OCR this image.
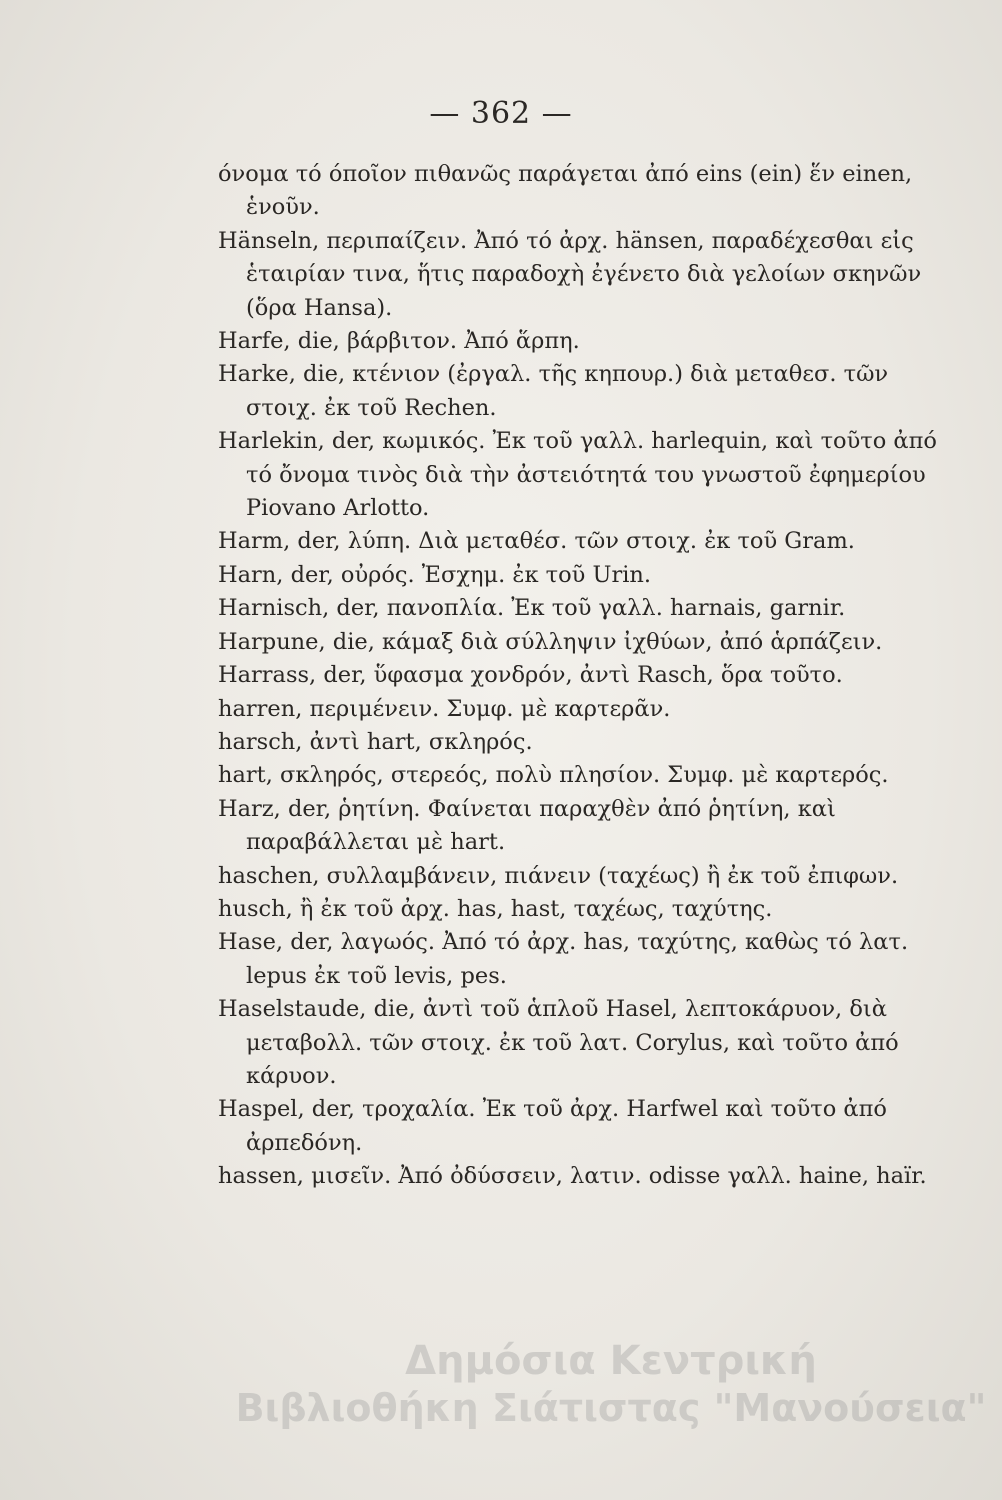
— 362 —

όνομα τό όποῖον πιθανῶς παράγεται ἀπό eins (ein) ἕν einen, ἑνοῦν.

Hänseln, περιπαίζειν. Ἀπό τό ἀρχ. hänsen, παραδέχεσθαι εἰς ἑταιρίαν τινα, ἥτις παραδοχὴ ἐγένετο διὰ γελοίων σκηνῶν (ὅρα Hansa).

Harfe, die, βάρβιτον. Ἀπό ἅρπη.

Harke, die, κτένιον (ἐργαλ. τῆς κηπουρ.) διὰ μεταθεσ. τῶν στοιχ. ἐκ τοῦ Rechen.

Harlekin, der, κωμικός. Ἐκ τοῦ γαλλ. harlequin, καὶ τοῦτο ἀπό τό ὄνομα τινὸς διὰ τὴν ἀστειότητά του γνωστοῦ ἐφημερίου Piovano Arlotto.

Harm, der, λύπη. Διὰ μεταθέσ. τῶν στοιχ. ἐκ τοῦ Gram.

Harn, der, οὐρός. Ἐσχημ. ἐκ τοῦ Urin.

Harnisch, der, πανοπλία. Ἐκ τοῦ γαλλ. harnais, garnir.

Harpune, die, κάμαξ διὰ σύλληψιν ἰχθύων, ἀπό ἁρπάζειν.

Harrass, der, ὕφασμα χονδρόν, ἀντὶ Rasch, ὅρα τοῦτο.

harren, περιμένειν. Συμφ. μὲ καρτερᾶν.

harsch, ἀντὶ hart, σκληρός.

hart, σκληρός, στερεός, πολὺ πλησίον. Συμφ. μὲ καρτερός.

Harz, der, ῥητίνη. Φαίνεται παραχθὲν ἀπό ῥητίνη, καὶ παραβάλλεται μὲ hart.

haschen, συλλαμβάνειν, πιάνειν (ταχέως) ἢ ἐκ τοῦ ἐπιφων.

husch, ἢ ἐκ τοῦ ἀρχ. has, hast, ταχέως, ταχύτης.

Hase, der, λαγωός. Ἀπό τό ἀρχ. has, ταχύτης, καθὼς τό λατ. lepus ἐκ τοῦ levis, pes.

Haselstaude, die, ἀντὶ τοῦ ἁπλοῦ Hasel, λεπτοκάρυον, διὰ μεταβολλ. τῶν στοιχ. ἐκ τοῦ λατ. Corylus, καὶ τοῦτο ἀπό κάρυον.

Haspel, der, τροχαλία. Ἐκ τοῦ ἀρχ. Harfwel καὶ τοῦτο ἀπό ἀρπεδόνη.

hassen, μισεῖν. Ἀπό ὀδύσσειν, λατιν. odisse γαλλ. haine, haïr.

Δημόσια Κεντρική
Βιβλιοθήκη Σιάτιστας "Μανούσεια"
